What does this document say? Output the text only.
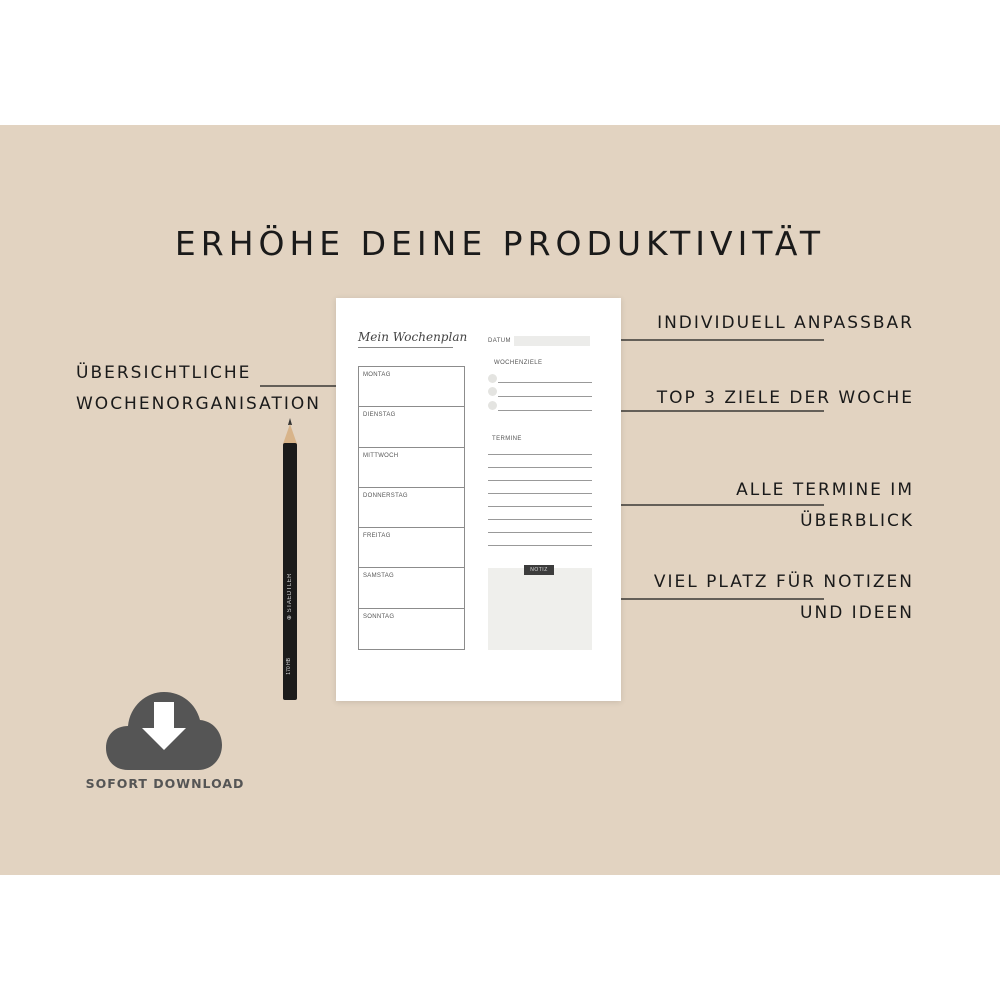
ERHÖHE DEINE PRODUKTIVITÄT
ÜBERSICHTLICHE
WOCHENORGANISATION
INDIVIDUELL ANPASSBAR
TOP 3 ZIELE DER WOCHE
ALLE TERMINE IM
ÜBERBLICK
VIEL PLATZ FÜR NOTIZEN
UND IDEEN
Mein Wochenplan
MONTAG
DIENSTAG
MITTWOCH
DONNERSTAG
FREITAG
SAMSTAG
SONNTAG
DATUM
WOCHENZIELE
TERMINE
NOTIZ
⊕ STAEDTLER
170 HB
SOFORT DOWNLOAD
